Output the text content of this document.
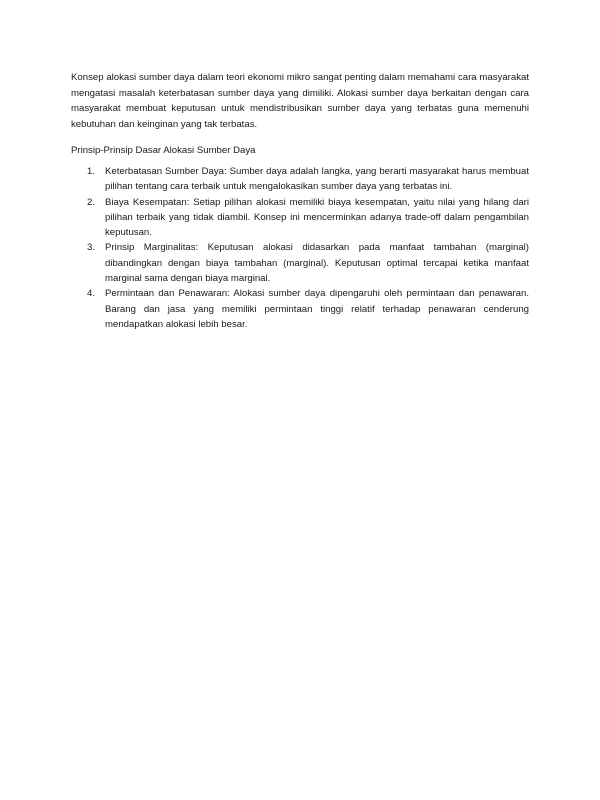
Konsep alokasi sumber daya dalam teori ekonomi mikro sangat penting dalam memahami cara masyarakat mengatasi masalah keterbatasan sumber daya yang dimiliki. Alokasi sumber daya berkaitan dengan cara masyarakat membuat keputusan untuk mendistribusikan sumber daya yang terbatas guna memenuhi kebutuhan dan keinginan yang tak terbatas.

Prinsip-Prinsip Dasar Alokasi Sumber Daya

1. Keterbatasan Sumber Daya: Sumber daya adalah langka, yang berarti masyarakat harus membuat pilihan tentang cara terbaik untuk mengalokasikan sumber daya yang terbatas ini.
2. Biaya Kesempatan: Setiap pilihan alokasi memiliki biaya kesempatan, yaitu nilai yang hilang dari pilihan terbaik yang tidak diambil. Konsep ini mencerminkan adanya trade-off dalam pengambilan keputusan.
3. Prinsip Marginalitas: Keputusan alokasi didasarkan pada manfaat tambahan (marginal) dibandingkan dengan biaya tambahan (marginal). Keputusan optimal tercapai ketika manfaat marginal sama dengan biaya marginal.
4. Permintaan dan Penawaran: Alokasi sumber daya dipengaruhi oleh permintaan dan penawaran. Barang dan jasa yang memiliki permintaan tinggi relatif terhadap penawaran cenderung mendapatkan alokasi lebih besar.
